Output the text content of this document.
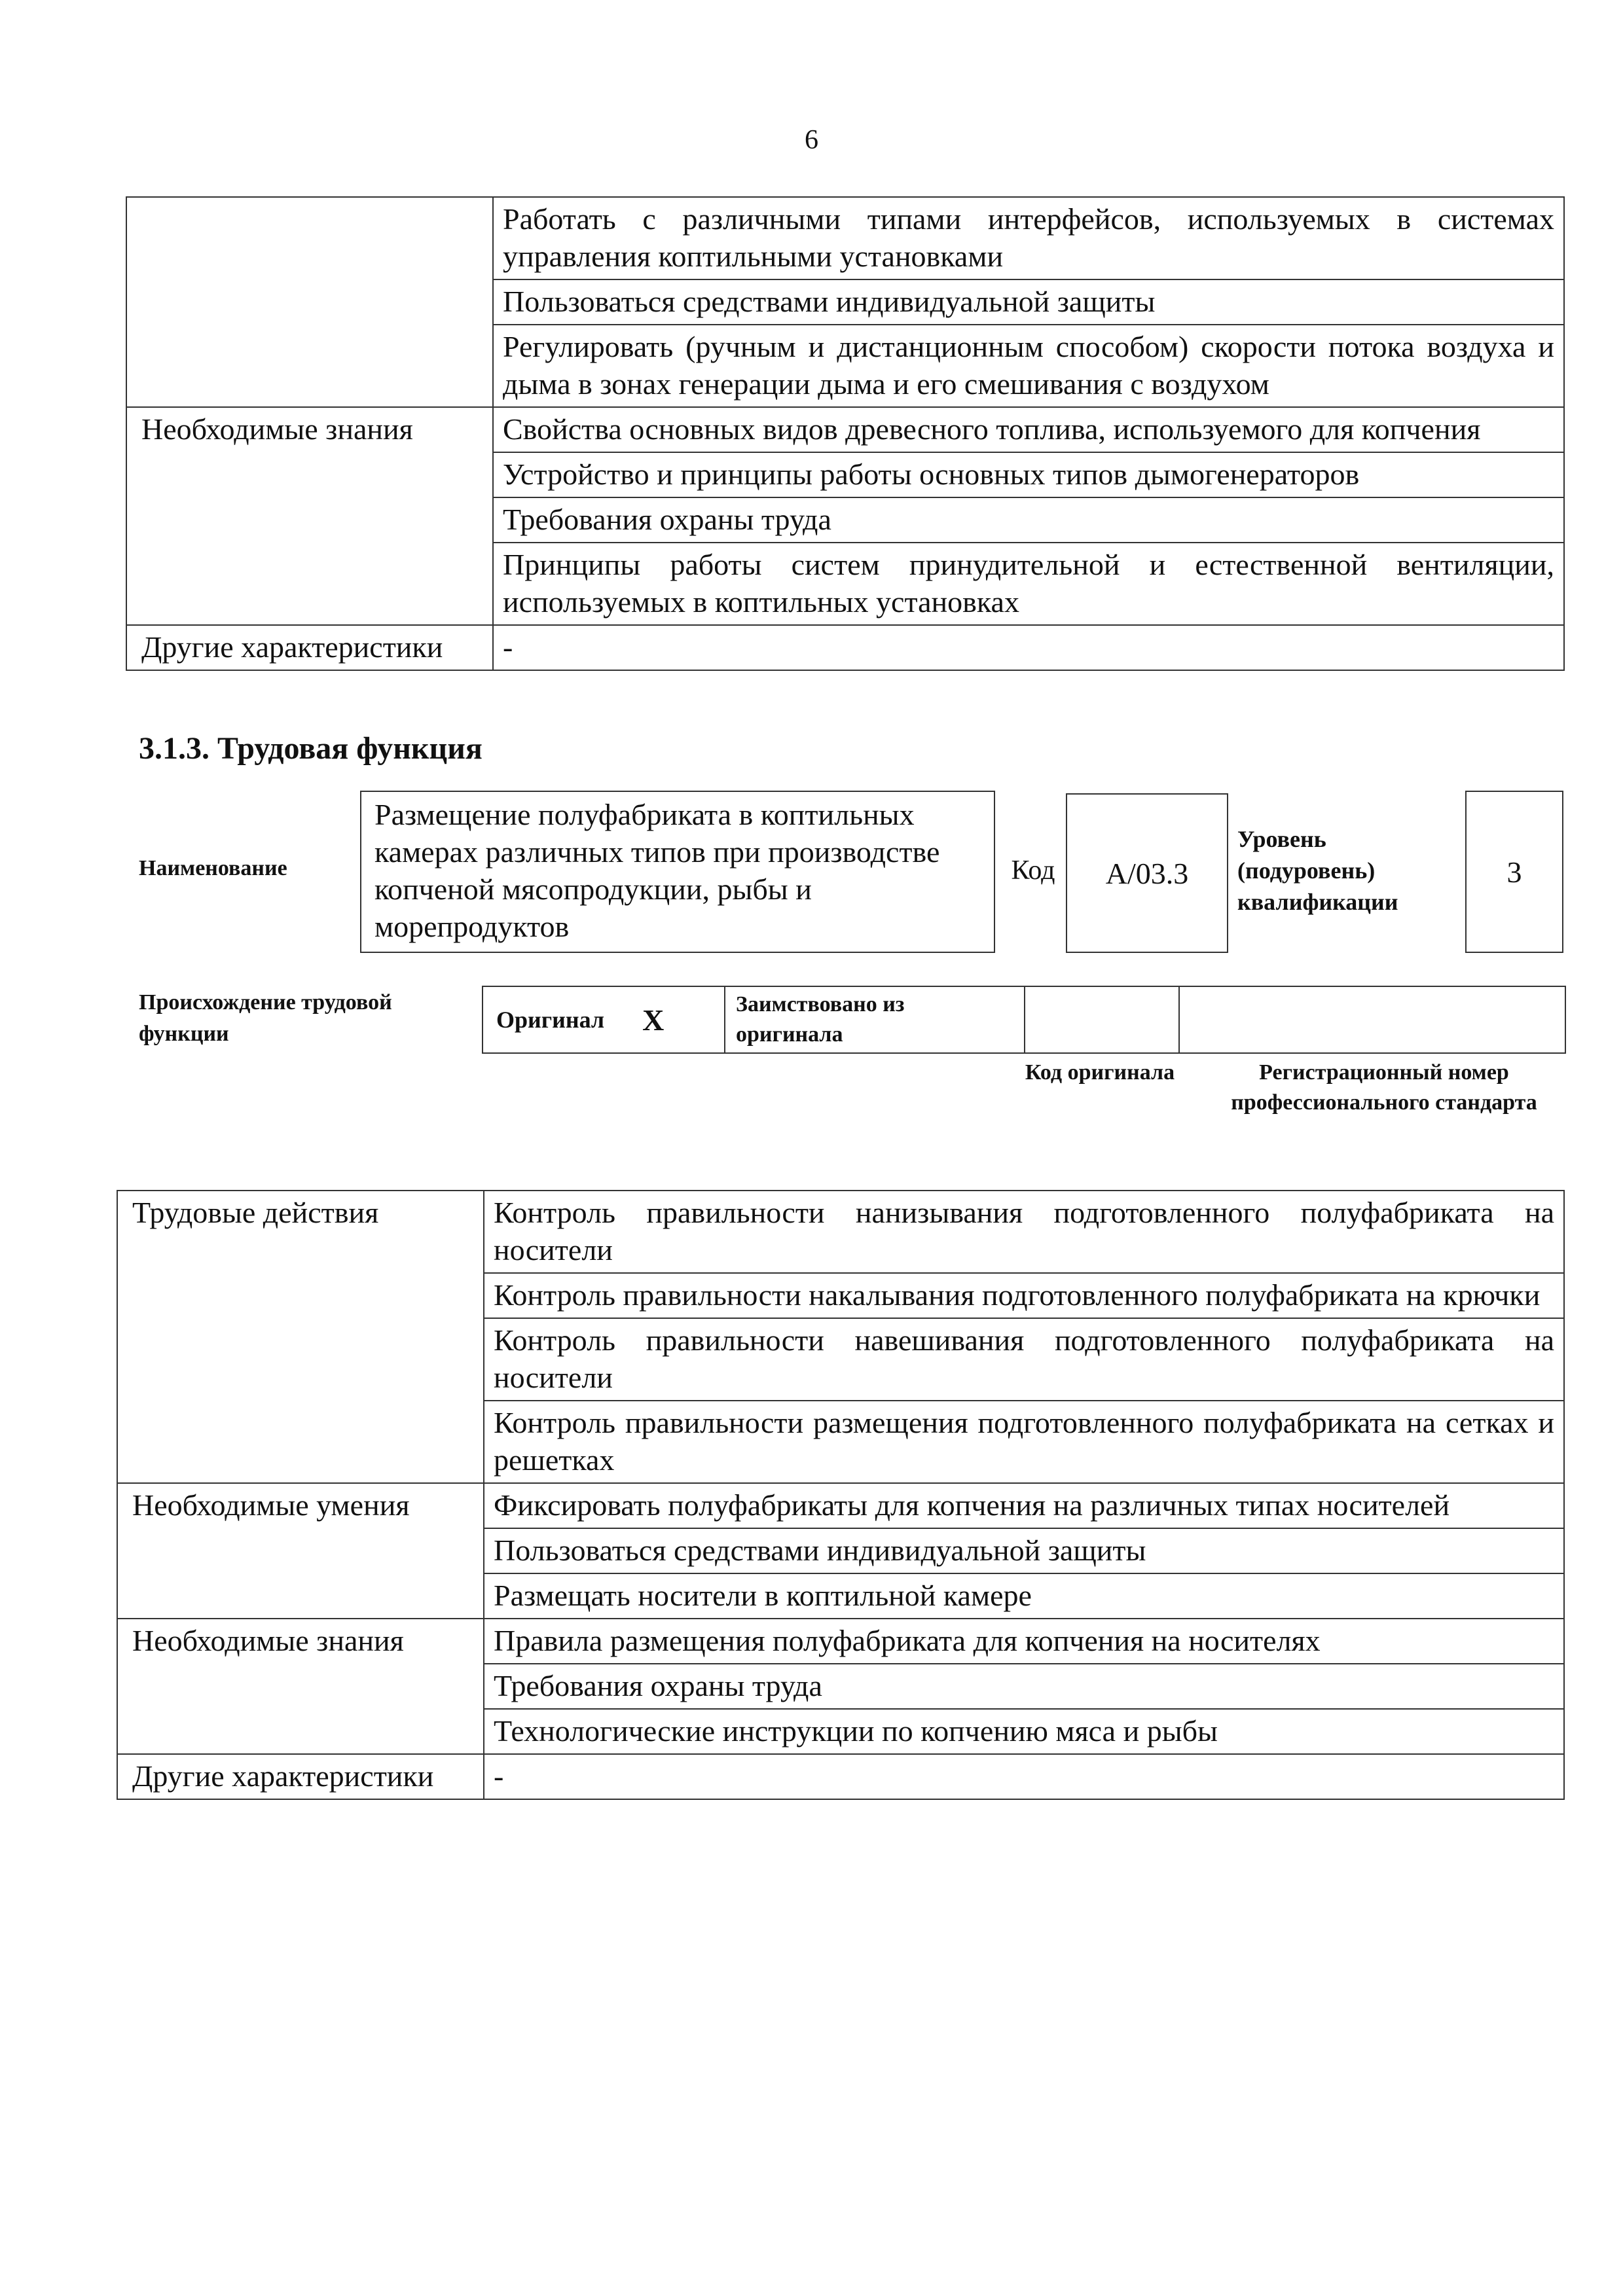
6
	Работать с различными типами интерфейсов, используемых в системах управления коптильными установками
	Пользоваться средствами индивидуальной защиты
	Регулировать (ручным и дистанционным способом) скорости потока воздуха и дыма в зонах генерации дыма и его смешивания с воздухом
Необходимые знания	Свойства основных видов древесного топлива, используемого для копчения
	Устройство и принципы работы основных типов дымогенераторов
	Требования охраны труда
	Принципы работы систем принудительной и естественной вентиляции, используемых в коптильных установках
Другие характеристики	-
3.1.3. Трудовая функция
Наименование
Размещение полуфабриката в коптильных камерах различных типов при производстве копченой мясопродукции, рыбы и морепродуктов
Код	А/03.3
Уровень (подуровень) квалификации
3
Происхождение трудовой функции
Оригинал X	Заимствовано из оригинала
Код оригинала	Регистрационный номер профессионального стандарта
Трудовые действия	Контроль правильности нанизывания подготовленного полуфабриката на носители
	Контроль правильности накалывания подготовленного полуфабриката на крючки
	Контроль правильности навешивания подготовленного полуфабриката на носители
	Контроль правильности размещения подготовленного полуфабриката на сетках и решетках
Необходимые умения	Фиксировать полуфабрикаты для копчения на различных типах носителей
	Пользоваться средствами индивидуальной защиты
	Размещать носители в коптильной камере
Необходимые знания	Правила размещения полуфабриката для копчения на носителях
	Требования охраны труда
	Технологические инструкции по копчению мяса и рыбы
Другие характеристики	-
